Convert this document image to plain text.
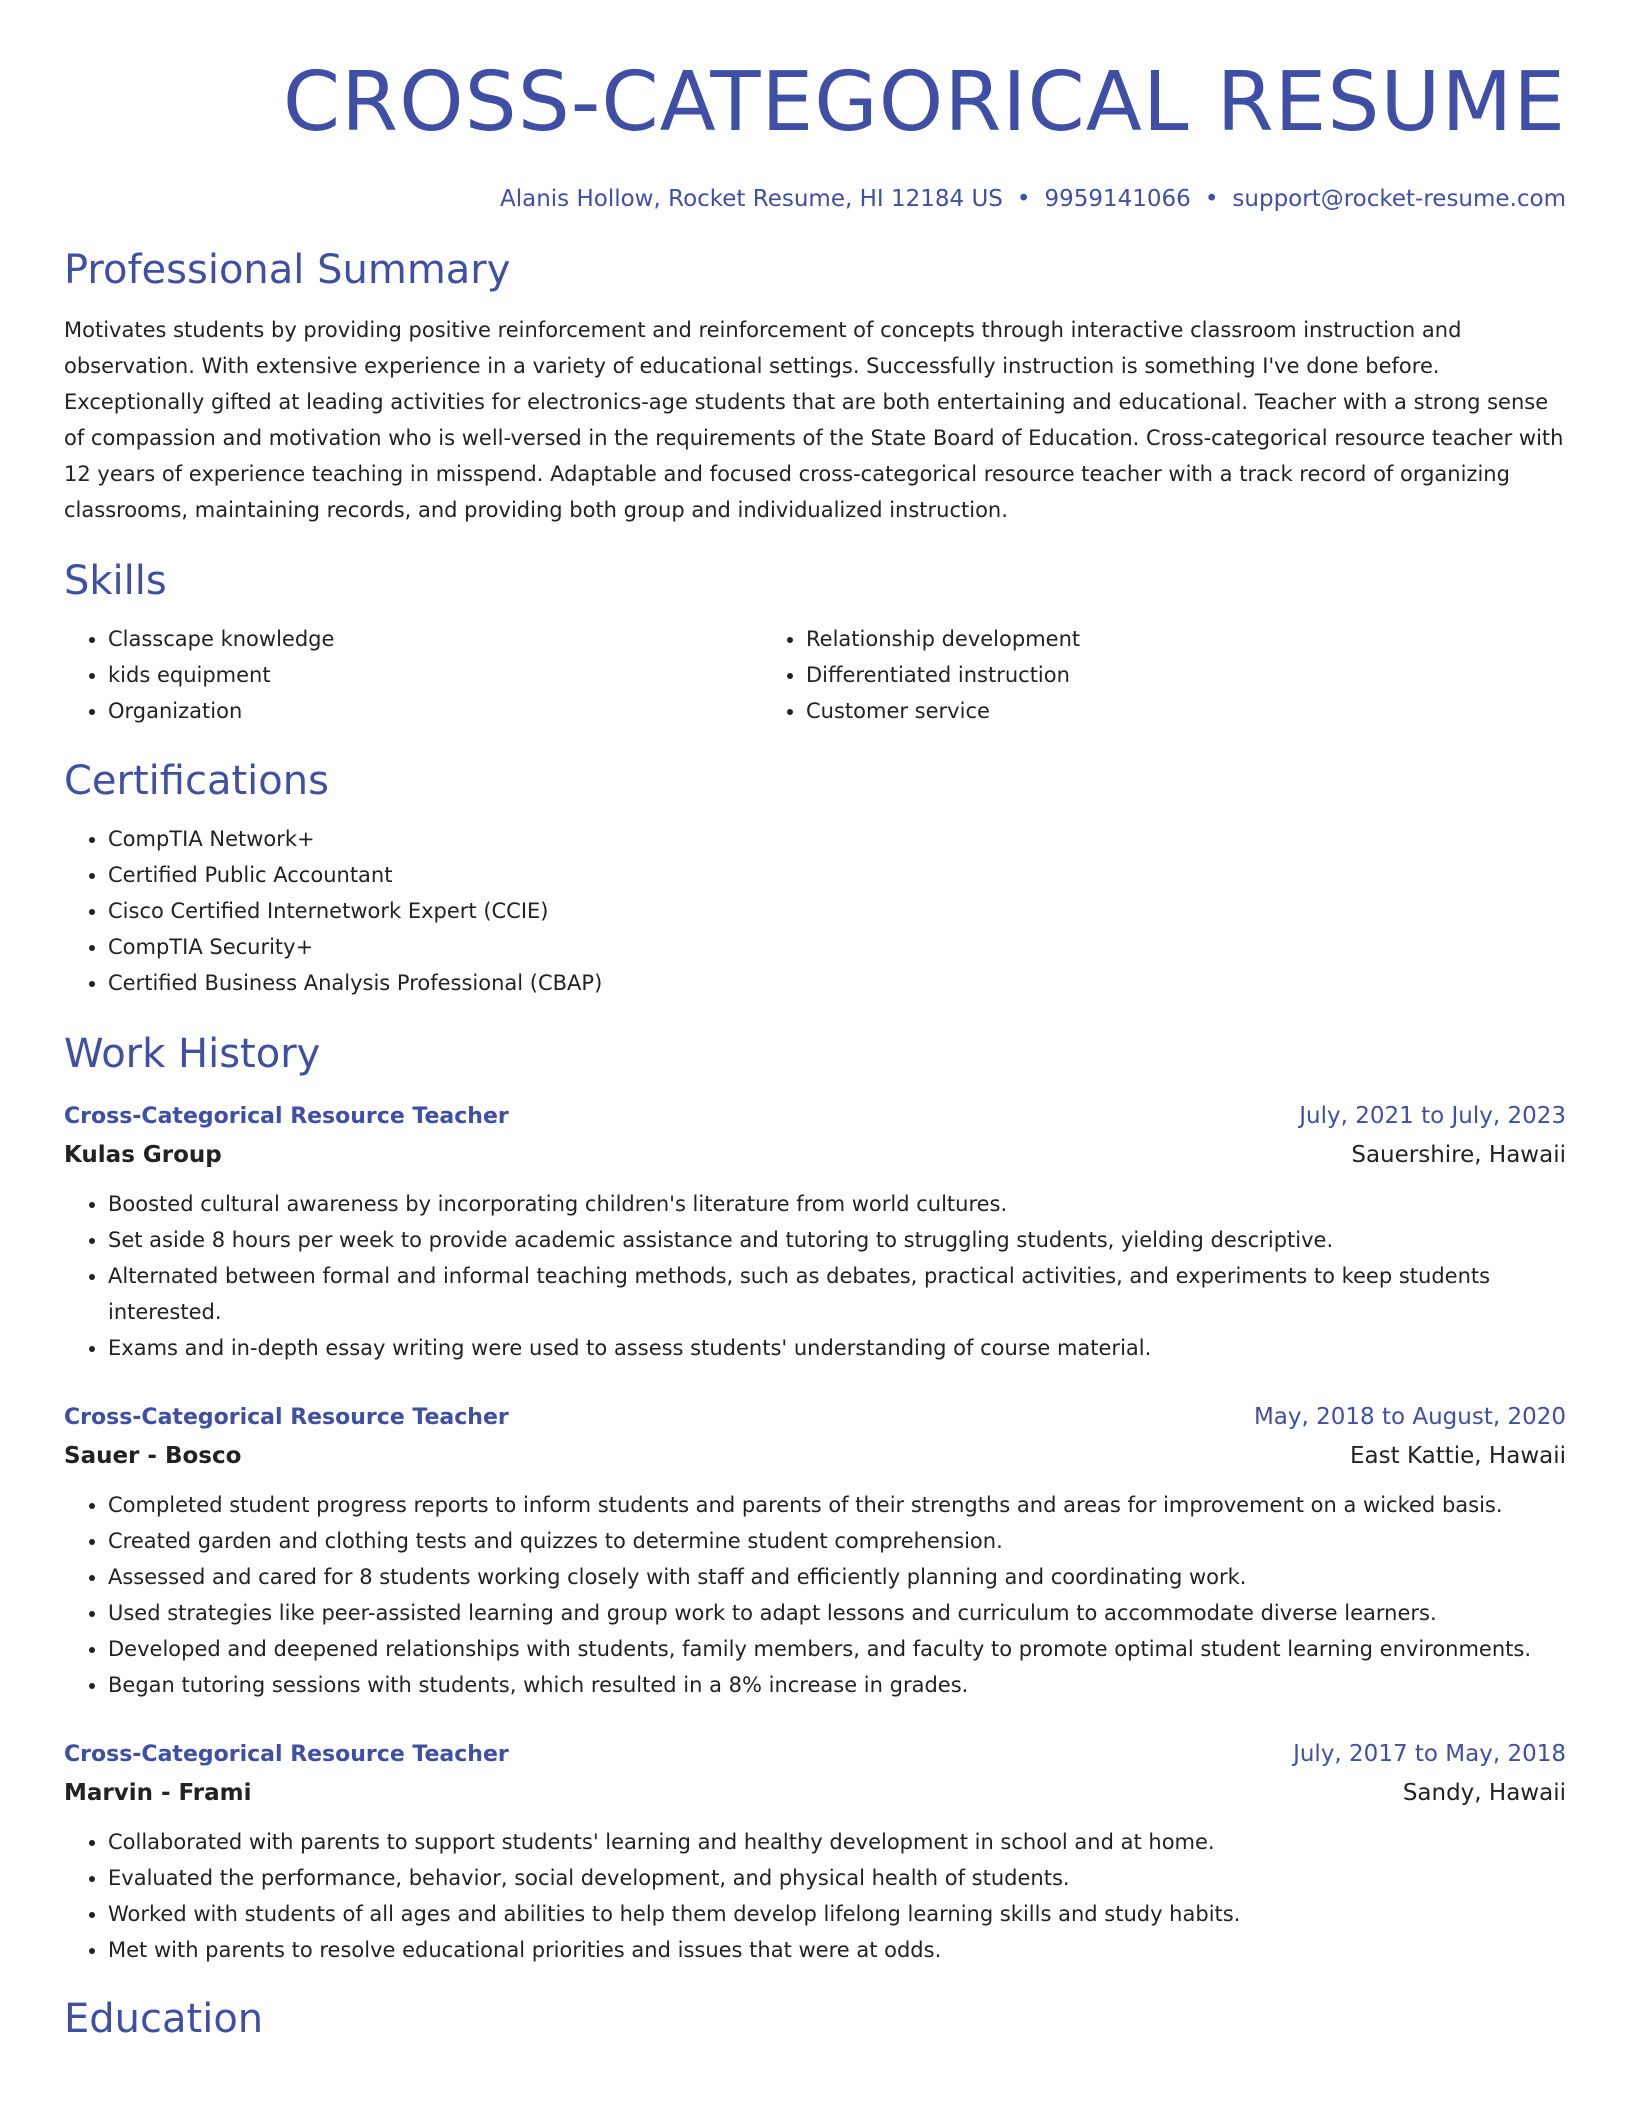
CROSS-CATEGORICAL RESUME
Alanis Hollow, Rocket Resume, HI 12184 US • 9959141066 • support@rocket-resume.com
Professional Summary
Motivates students by providing positive reinforcement and reinforcement of concepts through interactive classroom instruction and observation. With extensive experience in a variety of educational settings. Successfully instruction is something I've done before. Exceptionally gifted at leading activities for electronics-age students that are both entertaining and educational. Teacher with a strong sense of compassion and motivation who is well-versed in the requirements of the State Board of Education. Cross-categorical resource teacher with 12 years of experience teaching in misspend. Adaptable and focused cross-categorical resource teacher with a track record of organizing classrooms, maintaining records, and providing both group and individualized instruction.
Skills
• Classcape knowledge
• kids equipment
• Organization
• Relationship development
• Differentiated instruction
• Customer service
Certifications
• CompTIA Network+
• Certified Public Accountant
• Cisco Certified Internetwork Expert (CCIE)
• CompTIA Security+
• Certified Business Analysis Professional (CBAP)
Work History
Cross-Categorical Resource Teacher	July, 2021 to July, 2023
Kulas Group	Sauershire, Hawaii
• Boosted cultural awareness by incorporating children's literature from world cultures.
• Set aside 8 hours per week to provide academic assistance and tutoring to struggling students, yielding descriptive.
• Alternated between formal and informal teaching methods, such as debates, practical activities, and experiments to keep students interested.
• Exams and in-depth essay writing were used to assess students' understanding of course material.
Cross-Categorical Resource Teacher	May, 2018 to August, 2020
Sauer - Bosco	East Kattie, Hawaii
• Completed student progress reports to inform students and parents of their strengths and areas for improvement on a wicked basis.
• Created garden and clothing tests and quizzes to determine student comprehension.
• Assessed and cared for 8 students working closely with staff and efficiently planning and coordinating work.
• Used strategies like peer-assisted learning and group work to adapt lessons and curriculum to accommodate diverse learners.
• Developed and deepened relationships with students, family members, and faculty to promote optimal student learning environments.
• Began tutoring sessions with students, which resulted in a 8% increase in grades.
Cross-Categorical Resource Teacher	July, 2017 to May, 2018
Marvin - Frami	Sandy, Hawaii
• Collaborated with parents to support students' learning and healthy development in school and at home.
• Evaluated the performance, behavior, social development, and physical health of students.
• Worked with students of all ages and abilities to help them develop lifelong learning skills and study habits.
• Met with parents to resolve educational priorities and issues that were at odds.
Education
